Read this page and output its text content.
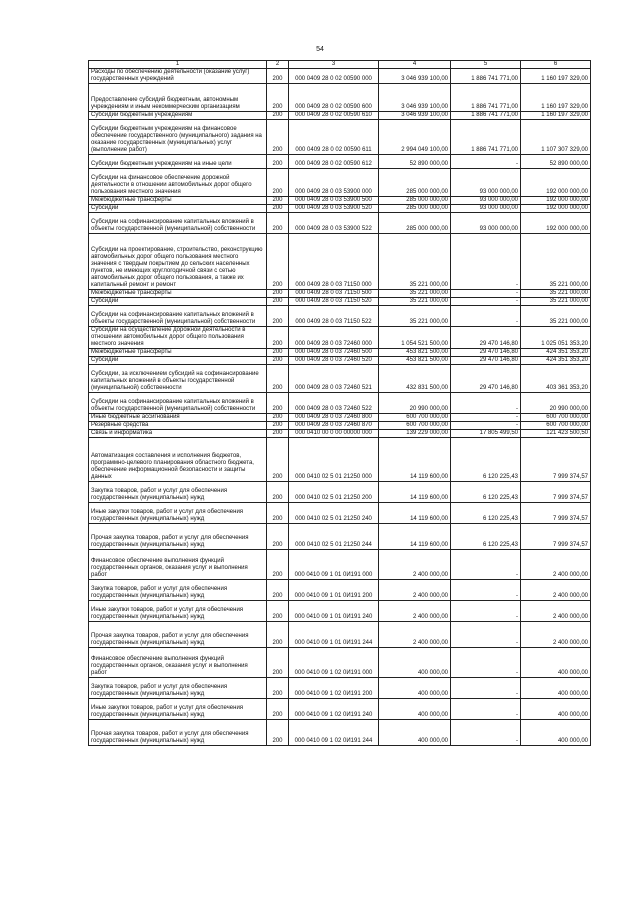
54
1	2	3	4	5	6
Расходы по обеспечению деятельности (оказание услуг) государственных учреждений	200	000 0409 28 0 02 00590 000	3 046 939 100,00	1 886 741 771,00	1 160 197 329,00
Предоставление субсидий бюджетным, автономным учреждениям и иным некоммерческим организациям	200	000 0409 28 0 02 00590 600	3 046 939 100,00	1 886 741 771,00	1 160 197 329,00
Субсидии бюджетным учреждениям	200	000 0409 28 0 02 00590 610	3 046 939 100,00	1 886 741 771,00	1 160 197 329,00
Субсидии бюджетным учреждениям на финансовое обеспечение государственного (муниципального) задания на оказание государственных (муниципальных) услуг (выполнение работ)	200	000 0409 28 0 02 00590 611	2 994 049 100,00	1 886 741 771,00	1 107 307 329,00
Субсидии бюджетным учреждениям на иные цели	200	000 0409 28 0 02 00590 612	52 890 000,00	-	52 890 000,00
Субсидии на финансовое обеспечение дорожной деятельности в отношении автомобильных дорог общего пользования местного значения	200	000 0409 28 0 03 53900 000	285 000 000,00	93 000 000,00	192 000 000,00
Межбюджетные трансферты	200	000 0409 28 0 03 53900 500	285 000 000,00	93 000 000,00	192 000 000,00
Субсидии	200	000 0409 28 0 03 53900 520	285 000 000,00	93 000 000,00	192 000 000,00
Субсидии на софинансирование капитальных вложений в объекты государственной (муниципальной) собственности	200	000 0409 28 0 03 53900 522	285 000 000,00	93 000 000,00	192 000 000,00
Субсидии на проектирование, строительство, реконструкцию автомобильных дорог общего пользования местного значения с твердым покрытием до сельских населенных пунктов, не имеющих круглогодичной связи с сетью автомобильных дорог общего пользования, а также их капитальный ремонт и ремонт	200	000 0409 28 0 03 71150 000	35 221 000,00	-	35 221 000,00
Межбюджетные трансферты	200	000 0409 28 0 03 71150 500	35 221 000,00	-	35 221 000,00
Субсидии	200	000 0409 28 0 03 71150 520	35 221 000,00	-	35 221 000,00
Субсидии на софинансирование капитальных вложений в объекты государственной (муниципальной) собственности	200	000 0409 28 0 03 71150 522	35 221 000,00	-	35 221 000,00
Субсидии на осуществление дорожной деятельности в отношении автомобильных дорог общего пользования местного значения	200	000 0409 28 0 03 72460 000	1 054 521 500,00	29 470 146,80	1 025 051 353,20
Межбюджетные трансферты	200	000 0409 28 0 03 72460 500	453 821 500,00	29 470 146,80	424 351 353,20
Субсидии	200	000 0409 28 0 03 72460 520	453 821 500,00	29 470 146,80	424 351 353,20
Субсидии, за исключением субсидий на софинансирование капитальных вложений в объекты государственной (муниципальной) собственности	200	000 0409 28 0 03 72460 521	432 831 500,00	29 470 146,80	403 361 353,20
Субсидии на софинансирование капитальных вложений в объекты государственной (муниципальной) собственности	200	000 0409 28 0 03 72460 522	20 990 000,00	-	20 990 000,00
Иные бюджетные ассигнования	200	000 0409 28 0 03 72460 800	600 700 000,00	-	600 700 000,00
Резервные средства	200	000 0409 28 0 03 72460 870	600 700 000,00	-	600 700 000,00
Связь и информатика	200	000 0410 00 0 00 00000 000	139 229 000,00	17 805 499,50	121 423 500,50
Автоматизация составления и исполнения бюджетов, программно-целевого планирования областного бюджета, обеспечение информационной безопасности и защиты данных	200	000 0410 02 5 01 21250 000	14 119 600,00	6 120 225,43	7 999 374,57
Закупка товаров, работ и услуг для обеспечения государственных (муниципальных) нужд	200	000 0410 02 5 01 21250 200	14 119 600,00	6 120 225,43	7 999 374,57
Иные закупки товаров, работ и услуг для обеспечения государственных (муниципальных) нужд	200	000 0410 02 5 01 21250 240	14 119 600,00	6 120 225,43	7 999 374,57
Прочая закупка товаров, работ и услуг для обеспечения государственных (муниципальных) нужд	200	000 0410 02 5 01 21250 244	14 119 600,00	6 120 225,43	7 999 374,57
Финансовое обеспечение выполнения функций государственных органов, оказания услуг и выполнения работ	200	000 0410 09 1 01 0И191 000	2 400 000,00	-	2 400 000,00
Закупка товаров, работ и услуг для обеспечения государственных (муниципальных) нужд	200	000 0410 09 1 01 0И191 200	2 400 000,00	-	2 400 000,00
Иные закупки товаров, работ и услуг для обеспечения государственных (муниципальных) нужд	200	000 0410 09 1 01 0И191 240	2 400 000,00	-	2 400 000,00
Прочая закупка товаров, работ и услуг для обеспечения государственных (муниципальных) нужд	200	000 0410 09 1 01 0И191 244	2 400 000,00	-	2 400 000,00
Финансовое обеспечение выполнения функций государственных органов, оказания услуг и выполнения работ	200	000 0410 09 1 02 0И191 000	400 000,00	-	400 000,00
Закупка товаров, работ и услуг для обеспечения государственных (муниципальных) нужд	200	000 0410 09 1 02 0И191 200	400 000,00	-	400 000,00
Иные закупки товаров, работ и услуг для обеспечения государственных (муниципальных) нужд	200	000 0410 09 1 02 0И191 240	400 000,00	-	400 000,00
Прочая закупка товаров, работ и услуг для обеспечения государственных (муниципальных) нужд	200	000 0410 09 1 02 0И191 244	400 000,00	-	400 000,00
